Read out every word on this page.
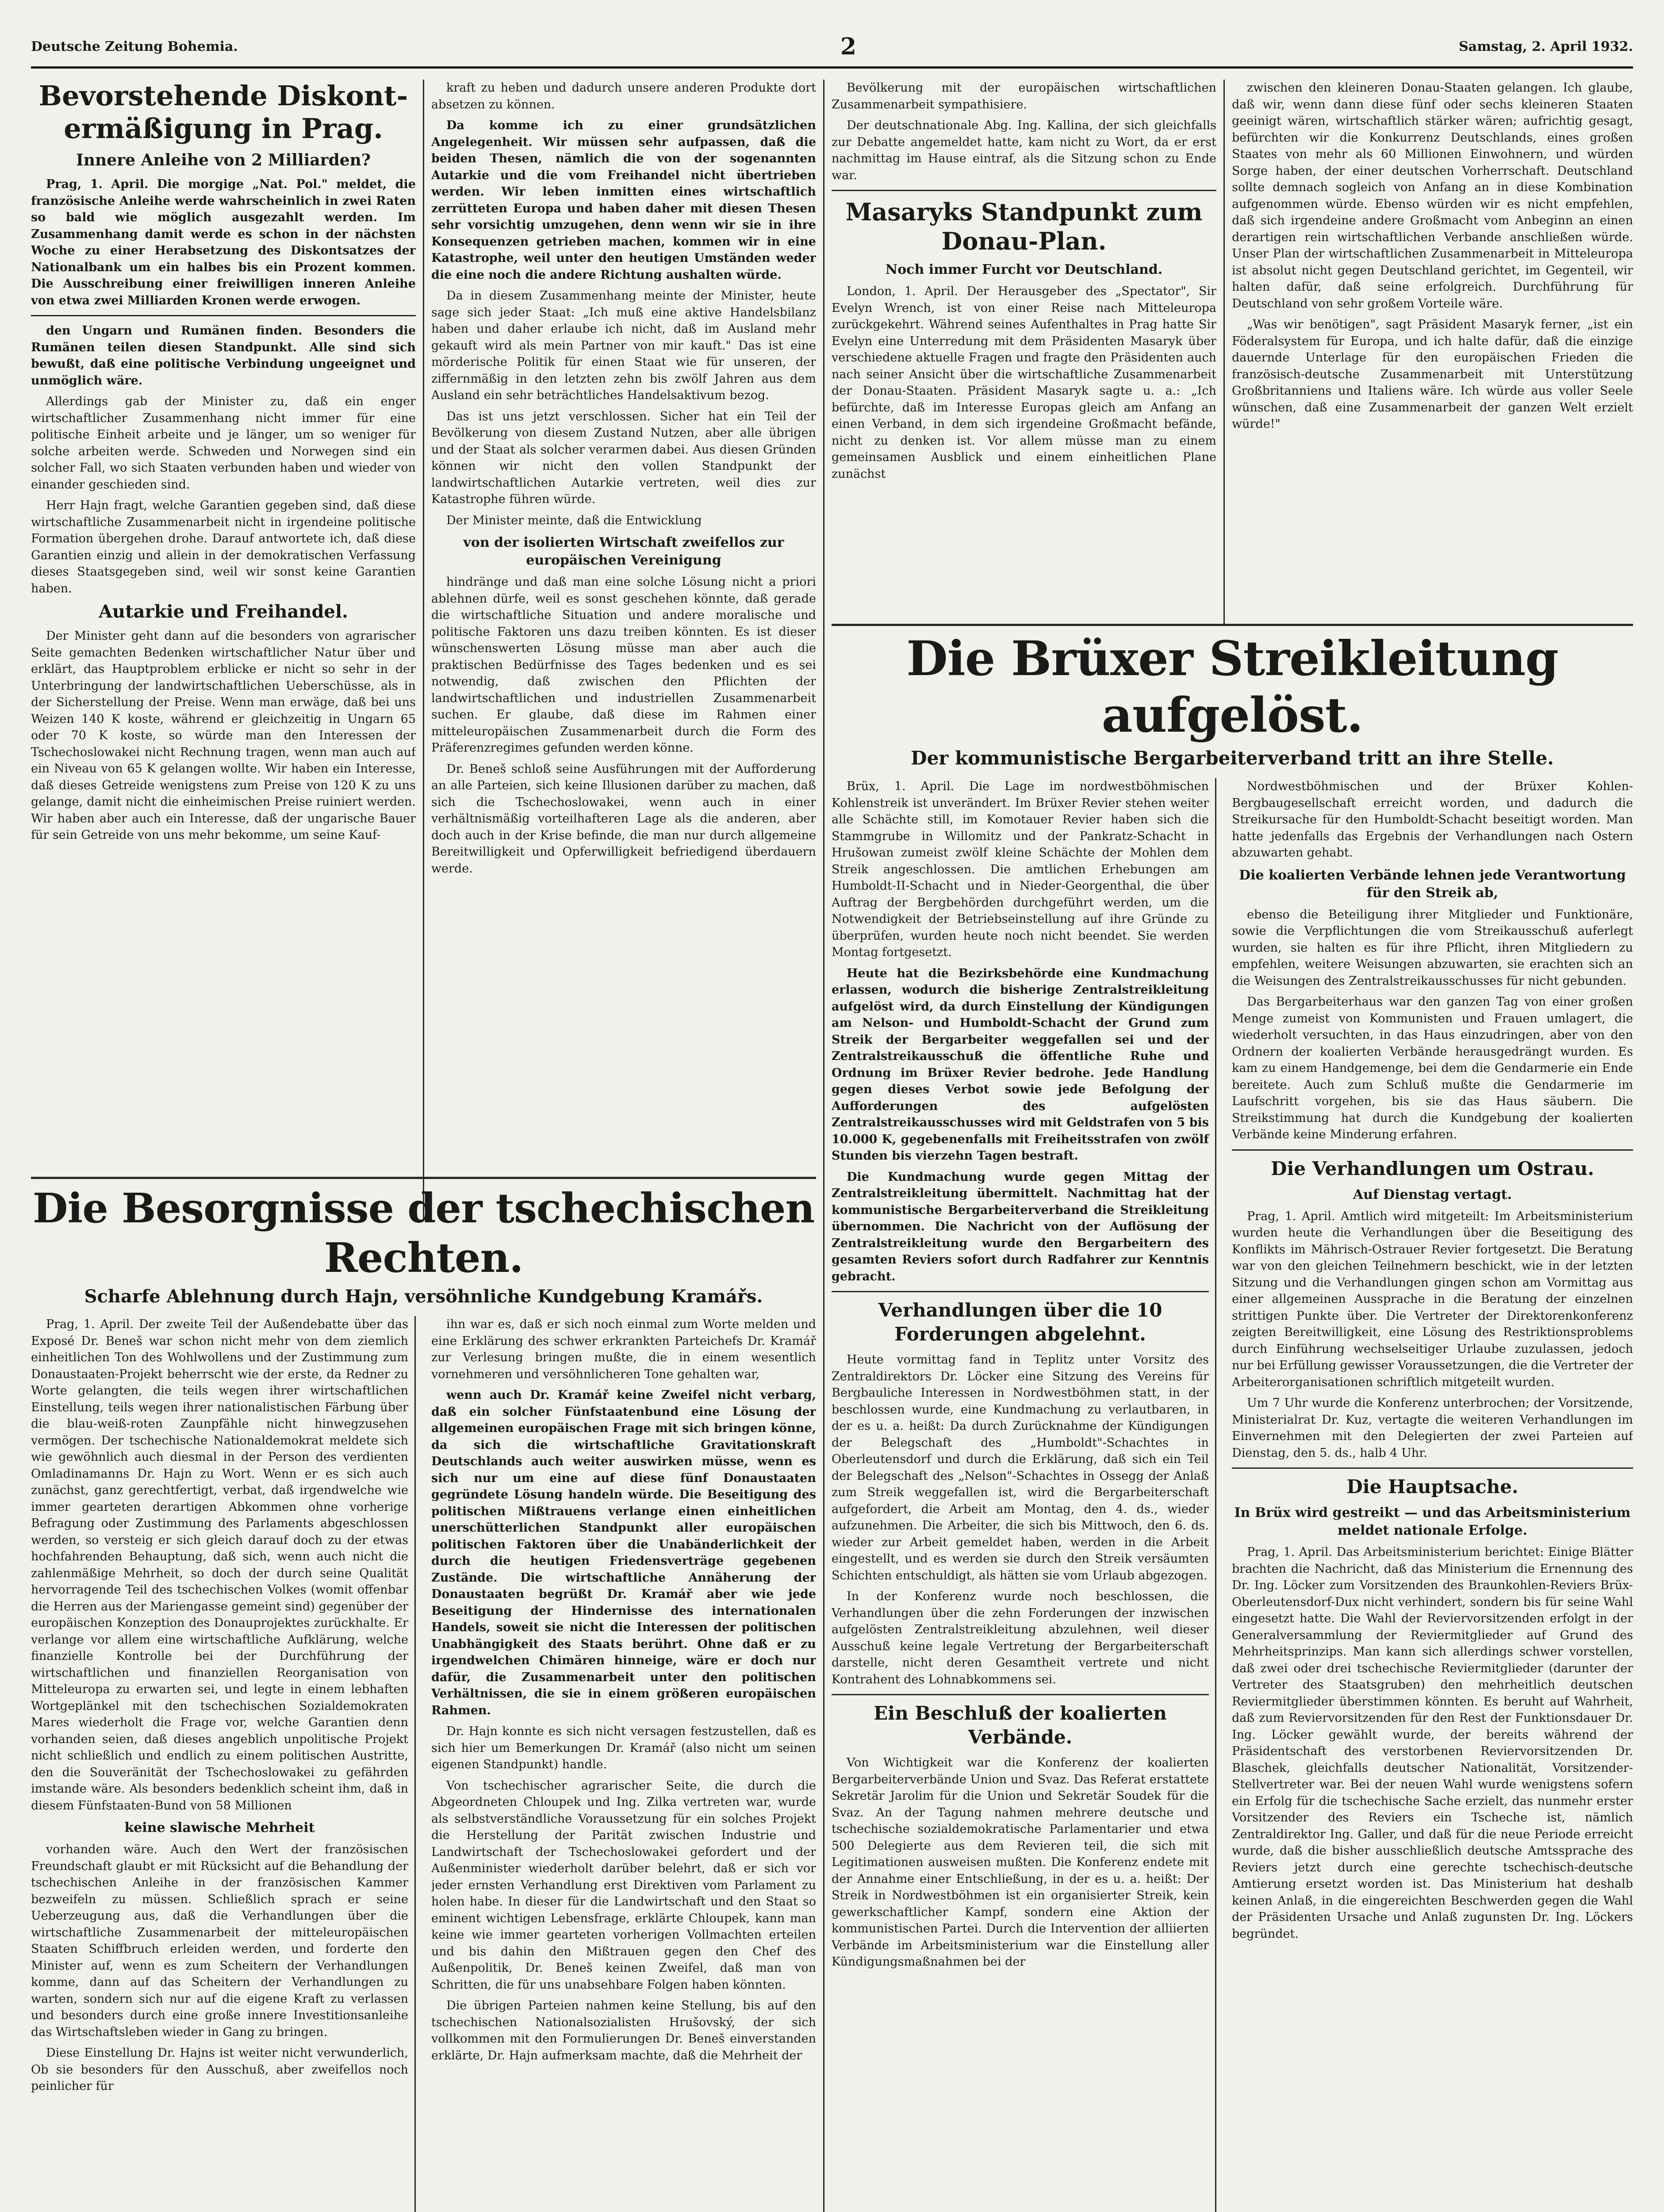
Deutsche Zeitung Bohemia.	2	Samstag, 2. April 1932.
Bevorstehende Diskont-ermäßigung in Prag.
Innere Anleihe von 2 Milliarden?

Prag, 1. April. Die morgige „Nat. Pol." meldet, die französische Anleihe werde wahrscheinlich in zwei Raten so bald wie möglich ausgezahlt werden. Im Zusammenhang damit werde es schon in der nächsten Woche zu einer Herabsetzung des Diskontsatzes der Nationalbank um ein halbes bis ein Prozent kommen. Die Ausschreibung einer freiwilligen inneren Anleihe von etwa zwei Milliarden Kronen werde erwogen.

den Ungarn und Rumänen finden. Besonders die Rumänen teilen diesen Standpunkt. Alle sind sich bewußt, daß eine politische Verbindung ungeeignet und unmöglich wäre.

Allerdings gab der Minister zu, daß ein enger wirtschaftlicher Zusammenhang nicht immer für eine politische Einheit arbeite und je länger, um so weniger für solche arbeiten werde. Schweden und Norwegen sind ein solcher Fall, wo sich Staaten verbunden haben und wieder von einander geschieden sind.

Herr Hajn fragt, welche Garantien gegeben sind, daß diese wirtschaftliche Zusammenarbeit nicht in irgendeine politische Formation übergehen drohe. Darauf antwortete ich, daß diese Garantien einzig und allein in der demokratischen Verfassung dieses Staatsgegeben sind, weil wir sonst keine Garantien haben.

Autarkie und Freihandel.

Der Minister geht dann auf die besonders von agrarischer Seite gemachten Bedenken wirtschaftlicher Natur über und erklärt, das Hauptproblem erblicke er nicht so sehr in der Unterbringung der landwirtschaftlichen Ueberschüsse, als in der Sicherstellung der Preise. Wenn man erwäge, daß bei uns Weizen 140 K koste, während er gleichzeitig in Ungarn 65 oder 70 K koste, so würde man den Interessen der Tschechoslowakei nicht Rechnung tragen, wenn man auch auf ein Niveau von 65 K gelangen wollte. Wir haben ein Interesse, daß dieses Getreide wenigstens zum Preise von 120 K zu uns gelange, damit nicht die einheimischen Preise ruiniert werden. Wir haben aber auch ein Interesse, daß der ungarische Bauer für sein Getreide von uns mehr bekomme, um seine Kauf-

kraft zu heben und dadurch unsere anderen Produkte dort absetzen zu können.

Da komme ich zu einer grundsätzlichen Angelegenheit. Wir müssen sehr aufpassen, daß die beiden Thesen, nämlich die von der sogenannten Autarkie und die vom Freihandel nicht übertrieben werden. Wir leben inmitten eines wirtschaftlich zerrütteten Europa und haben daher mit diesen Thesen sehr vorsichtig umzugehen, denn wenn wir sie in ihre Konsequenzen getrieben machen, kommen wir in eine Katastrophe, weil unter den heutigen Umständen weder die eine noch die andere Richtung aushalten würde.

Da in diesem Zusammenhang meinte der Minister, heute sage sich jeder Staat: „Ich muß eine aktive Handelsbilanz haben und daher erlaube ich nicht, daß im Ausland mehr gekauft wird als mein Partner von mir kauft." Das ist eine mörderische Politik für einen Staat wie für unseren, der ziffernmäßig in den letzten zehn bis zwölf Jahren aus dem Ausland ein sehr beträchtliches Handelsaktivum bezog.

Das ist uns jetzt verschlossen. Sicher hat ein Teil der Bevölkerung von diesem Zustand Nutzen, aber alle übrigen und der Staat als solcher verarmen dabei. Aus diesen Gründen können wir nicht den vollen Standpunkt der landwirtschaftlichen Autarkie vertreten, weil dies zur Katastrophe führen würde.

Der Minister meinte, daß die Entwicklung

von der isolierten Wirtschaft zweifellos zur europäischen Vereinigung

hindränge und daß man eine solche Lösung nicht a priori ablehnen dürfe, weil es sonst geschehen könnte, daß gerade die wirtschaftliche Situation und andere moralische und politische Faktoren uns dazu treiben könnten. Es ist dieser wünschenswerten Lösung müsse man aber auch die praktischen Bedürfnisse des Tages bedenken und es sei notwendig, daß zwischen den Pflichten der landwirtschaftlichen und industriellen Zusammenarbeit suchen. Er glaube, daß diese im Rahmen einer mitteleuropäischen Zusammenarbeit durch die Form des Präferenzregimes gefunden werden könne.

Dr. Beneš schloß seine Ausführungen mit der Aufforderung an alle Parteien, sich keine Illusionen darüber zu machen, daß sich die Tschechoslowakei, wenn auch in einer verhältnismäßig vorteilhafteren Lage als die anderen, aber doch auch in der Krise befinde, die man nur durch allgemeine Bereitwilligkeit und Opferwilligkeit befriedigend überdauern werde.

Bevölkerung mit der europäischen wirtschaftlichen Zusammenarbeit sympathisiere.

Der deutschnationale Abg. Ing. Kallina, der sich gleichfalls zur Debatte angemeldet hatte, kam nicht zu Wort, da er erst nachmittag im Hause eintraf, als die Sitzung schon zu Ende war.

Masaryks Standpunkt zum Donau-Plan.
Noch immer Furcht vor Deutschland.

London, 1. April. Der Herausgeber des „Spectator", Sir Evelyn Wrench, ist von einer Reise nach Mitteleuropa zurückgekehrt. Während seines Aufenthaltes in Prag hatte Sir Evelyn eine Unterredung mit dem Präsidenten Masaryk über verschiedene aktuelle Fragen und fragte den Präsidenten auch nach seiner Ansicht über die wirtschaftliche Zusammenarbeit der Donau-Staaten. Präsident Masaryk sagte u. a.: „Ich befürchte, daß im Interesse Europas gleich am Anfang an einen Verband, in dem sich irgendeine Großmacht befände, nicht zu denken ist. Vor allem müsse man zu einem gemeinsamen Ausblick und einem einheitlichen Plane zunächst

zwischen den kleineren Donau-Staaten gelangen. Ich glaube, daß wir, wenn dann diese fünf oder sechs kleineren Staaten geeinigt wären, wirtschaftlich stärker wären; aufrichtig gesagt, befürchten wir die Konkurrenz Deutschlands, eines großen Staates von mehr als 60 Millionen Einwohnern, und würden Sorge haben, der einer deutschen Vorherrschaft. Deutschland sollte demnach sogleich von Anfang an in diese Kombination aufgenommen würde. Ebenso würden wir es nicht empfehlen, daß sich irgendeine andere Großmacht vom Anbeginn an einen derartigen rein wirtschaftlichen Verbande anschließen würde. Unser Plan der wirtschaftlichen Zusammenarbeit in Mitteleuropa ist absolut nicht gegen Deutschland gerichtet, im Gegenteil, wir halten dafür, daß seine erfolgreich. Durchführung für Deutschland von sehr großem Vorteile wäre.

„Was wir benötigen", sagt Präsident Masaryk ferner, „ist ein Föderalsystem für Europa, und ich halte dafür, daß die einzige dauernde Unterlage für den europäischen Frieden die französisch-deutsche Zusammenarbeit mit Unterstützung Großbritanniens und Italiens wäre. Ich würde aus voller Seele wünschen, daß eine Zusammenarbeit der ganzen Welt erzielt würde!"

Die Brüxer Streikleitung aufgelöst.
Der kommunistische Bergarbeiterverband tritt an ihre Stelle.

Brüx, 1. April. Die Lage im nordwestböhmischen Kohlenstreik ist unverändert. Im Brüxer Revier stehen weiter alle Schächte still, im Komotauer Revier haben sich die Stammgrube in Willomitz und der Pankratz-Schacht in Hrušowan zumeist zwölf kleine Schächte der Mohlen dem Streik angeschlossen. Die amtlichen Erhebungen am Humboldt-II-Schacht und in Nieder-Georgenthal, die über Auftrag der Bergbehörden durchgeführt werden, um die Notwendigkeit der Betriebseinstellung auf ihre Gründe zu überprüfen, wurden heute noch nicht beendet. Sie werden Montag fortgesetzt.

Heute hat die Bezirksbehörde eine Kundmachung erlassen, wodurch die bisherige Zentralstreikleitung aufgelöst wird, da durch Einstellung der Kündigungen am Nelson- und Humboldt-Schacht der Grund zum Streik der Bergarbeiter weggefallen sei und der Zentralstreikausschuß die öffentliche Ruhe und Ordnung im Brüxer Revier bedrohe. Jede Handlung gegen dieses Verbot sowie jede Befolgung der Aufforderungen des aufgelösten Zentralstreikausschusses wird mit Geldstrafen von 5 bis 10.000 K, gegebenenfalls mit Freiheitsstrafen von zwölf Stunden bis vierzehn Tagen bestraft.

Die Kundmachung wurde gegen Mittag der Zentralstreikleitung übermittelt. Nachmittag hat der kommunistische Bergarbeiterverband die Streikleitung übernommen. Die Nachricht von der Auflösung der Zentralstreikleitung wurde den Bergarbeitern des gesamten Reviers sofort durch Radfahrer zur Kenntnis gebracht.

Verhandlungen über die 10 Forderungen abgelehnt.

Heute vormittag fand in Teplitz unter Vorsitz des Zentraldirektors Dr. Löcker eine Sitzung des Vereins für Bergbauliche Interessen in Nordwestböhmen statt, in der beschlossen wurde, eine Kundmachung zu verlautbaren, in der es u. a. heißt: Da durch Zurücknahme der Kündigungen der Belegschaft des „Humboldt"-Schachtes in Oberleutensdorf und durch die Erklärung, daß sich ein Teil der Belegschaft des „Nelson"-Schachtes in Ossegg der Anlaß zum Streik weggefallen ist, wird die Bergarbeiterschaft aufgefordert, die Arbeit am Montag, den 4. ds., wieder aufzunehmen. Die Arbeiter, die sich bis Mittwoch, den 6. ds. wieder zur Arbeit gemeldet haben, werden in die Arbeit eingestellt, und es werden sie durch den Streik versäumten Schichten entschuldigt, als hätten sie vom Urlaub abgezogen.

In der Konferenz wurde noch beschlossen, die Verhandlungen über die zehn Forderungen der inzwischen aufgelösten Zentralstreikleitung abzulehnen, weil dieser Ausschuß keine legale Vertretung der Bergarbeiterschaft darstelle, nicht deren Gesamtheit vertrete und nicht Kontrahent des Lohnabkommens sei.

Ein Beschluß der koalierten Verbände.

Von Wichtigkeit war die Konferenz der koalierten Bergarbeiterverbände Union und Svaz. Das Referat erstattete Sekretär Jarolim für die Union und Sekretär Soudek für die Svaz. An der Tagung nahmen mehrere deutsche und tschechische sozialdemokratische Parlamentarier und etwa 500 Delegierte aus dem Revieren teil, die sich mit Legitimationen ausweisen mußten. Die Konferenz endete mit der Annahme einer Entschließung, in der es u. a. heißt: Der Streik in Nordwestböhmen ist ein organisierter Streik, kein gewerkschaftlicher Kampf, sondern eine Aktion der kommunistischen Partei. Durch die Intervention der alliierten Verbände im Arbeitsministerium war die Einstellung aller Kündigungsmaßnahmen bei der

Nordwestböhmischen und der Brüxer Kohlen-Bergbaugesellschaft erreicht worden, und dadurch die Streikursache für den Humboldt-Schacht beseitigt worden. Man hatte jedenfalls das Ergebnis der Verhandlungen nach Ostern abzuwarten gehabt.

Die koalierten Verbände lehnen jede Verantwortung für den Streik ab,

ebenso die Beteiligung ihrer Mitglieder und Funktionäre, sowie die Verpflichtungen die vom Streikausschuß auferlegt wurden, sie halten es für ihre Pflicht, ihren Mitgliedern zu empfehlen, weitere Weisungen abzuwarten, sie erachten sich an die Weisungen des Zentralstreikausschusses für nicht gebunden.

Das Bergarbeiterhaus war den ganzen Tag von einer großen Menge zumeist von Kommunisten und Frauen umlagert, die wiederholt versuchten, in das Haus einzudringen, aber von den Ordnern der koalierten Verbände herausgedrängt wurden. Es kam zu einem Handgemenge, bei dem die Gendarmerie ein Ende bereitete. Auch zum Schluß mußte die Gendarmerie im Laufschritt vorgehen, bis sie das Haus säubern. Die Streikstimmung hat durch die Kundgebung der koalierten Verbände keine Minderung erfahren.

Die Verhandlungen um Ostrau.
Auf Dienstag vertagt.

Prag, 1. April. Amtlich wird mitgeteilt: Im Arbeitsministerium wurden heute die Verhandlungen über die Beseitigung des Konflikts im Mährisch-Ostrauer Revier fortgesetzt. Die Beratung war von den gleichen Teilnehmern beschickt, wie in der letzten Sitzung und die Verhandlungen gingen schon am Vormittag aus einer allgemeinen Aussprache in die Beratung der einzelnen strittigen Punkte über. Die Vertreter der Direktorenkonferenz zeigten Bereitwilligkeit, eine Lösung des Restriktionsproblems durch Einführung wechselseitiger Urlaube zuzulassen, jedoch nur bei Erfüllung gewisser Voraussetzungen, die die Vertreter der Arbeiterorganisationen schriftlich mitgeteilt wurden.

Um 7 Uhr wurde die Konferenz unterbrochen; der Vorsitzende, Ministerialrat Dr. Kuz, vertagte die weiteren Verhandlungen im Einvernehmen mit den Delegierten der zwei Parteien auf Dienstag, den 5. ds., halb 4 Uhr.

Die Hauptsache.
In Brüx wird gestreikt — und das Arbeitsministerium meldet nationale Erfolge.

Prag, 1. April. Das Arbeitsministerium berichtet: Einige Blätter brachten die Nachricht, daß das Ministerium die Ernennung des Dr. Ing. Löcker zum Vorsitzenden des Braunkohlen-Reviers Brüx-Oberleutensdorf-Dux nicht verhindert, sondern bis für seine Wahl eingesetzt hatte. Die Wahl der Reviervorsitzenden erfolgt in der Generalversammlung der Reviermitglieder auf Grund des Mehrheitsprinzips. Man kann sich allerdings schwer vorstellen, daß zwei oder drei tschechische Reviermitglieder (darunter der Vertreter des Staatsgruben) den mehrheitlich deutschen Reviermitglieder überstimmen könnten. Es beruht auf Wahrheit, daß zum Reviervorsitzenden für den Rest der Funktionsdauer Dr. Ing. Löcker gewählt wurde, der bereits während der Präsidentschaft des verstorbenen Reviervorsitzenden Dr. Blaschek, gleichfalls deutscher Nationalität, Vorsitzender-Stellvertreter war. Bei der neuen Wahl wurde wenigstens sofern ein Erfolg für die tschechische Sache erzielt, das nunmehr erster Vorsitzender des Reviers ein Tscheche ist, nämlich Zentraldirektor Ing. Galler, und daß für die neue Periode erreicht wurde, daß die bisher ausschließlich deutsche Amtssprache des Reviers jetzt durch eine gerechte tschechisch-deutsche Amtierung ersetzt worden ist. Das Ministerium hat deshalb keinen Anlaß, in die eingereichten Beschwerden gegen die Wahl der Präsidenten Ursache und Anlaß zugunsten Dr. Ing. Löckers begründet.

Die Besorgnisse der tschechischen Rechten.
Scharfe Ablehnung durch Hajn, versöhnliche Kundgebung Kramářs.

Prag, 1. April. Der zweite Teil der Außendebatte über das Exposé Dr. Beneš war schon nicht mehr von dem ziemlich einheitlichen Ton des Wohlwollens und der Zustimmung zum Donaustaaten-Projekt beherrscht wie der erste, da Redner zu Worte gelangten, die teils wegen ihrer wirtschaftlichen Einstellung, teils wegen ihrer nationalistischen Färbung über die blau-weiß-roten Zaunpfähle nicht hinwegzusehen vermögen. Der tschechische Nationaldemokrat meldete sich wie gewöhnlich auch diesmal in der Person des verdienten Omladinamanns Dr. Hajn zu Wort. Wenn er es sich auch zunächst, ganz gerechtfertigt, verbat, daß irgendwelche wie immer gearteten derartigen Abkommen ohne vorherige Befragung oder Zustimmung des Parlaments abgeschlossen werden, so versteig er sich gleich darauf doch zu der etwas hochfahrenden Behauptung, daß sich, wenn auch nicht die zahlenmäßige Mehrheit, so doch der durch seine Qualität hervorragende Teil des tschechischen Volkes (womit offenbar die Herren aus der Mariengasse gemeint sind) gegenüber der europäischen Konzeption des Donauprojektes zurückhalte. Er verlange vor allem eine wirtschaftliche Aufklärung, welche finanzielle Kontrolle bei der Durchführung der wirtschaftlichen und finanziellen Reorganisation von Mitteleuropa zu erwarten sei, und legte in einem lebhaften Wortgeplänkel mit den tschechischen Sozialdemokraten Mares wiederholt die Frage vor, welche Garantien denn vorhanden seien, daß dieses angeblich unpolitische Projekt nicht schließlich und endlich zu einem politischen Austritte, den die Souveränität der Tschechoslowakei zu gefährden imstande wäre. Als besonders bedenklich scheint ihm, daß in diesem Fünfstaaten-Bund von 58 Millionen

keine slawische Mehrheit

vorhanden wäre. Auch den Wert der französischen Freundschaft glaubt er mit Rücksicht auf die Behandlung der tschechischen Anleihe in der französischen Kammer bezweifeln zu müssen. Schließlich sprach er seine Ueberzeugung aus, daß die Verhandlungen über die wirtschaftliche Zusammenarbeit der mitteleuropäischen Staaten Schiffbruch erleiden werden, und forderte den Minister auf, wenn es zum Scheitern der Verhandlungen komme, dann auf das Scheitern der Verhandlungen zu warten, sondern sich nur auf die eigene Kraft zu verlassen und besonders durch eine große innere Investitionsanleihe das Wirtschaftsleben wieder in Gang zu bringen.

Diese Einstellung Dr. Hajns ist weiter nicht verwunderlich, Ob sie besonders für den Ausschuß, aber zweifellos noch peinlicher für

ihn war es, daß er sich noch einmal zum Worte melden und eine Erklärung des schwer erkrankten Parteichefs Dr. Kramář zur Verlesung bringen mußte, die in einem wesentlich vornehmeren und versöhnlicheren Tone gehalten war,

wenn auch Dr. Kramář keine Zweifel nicht verbarg, daß ein solcher Fünfstaatenbund eine Lösung der allgemeinen europäischen Frage mit sich bringen könne, da sich die wirtschaftliche Gravitationskraft Deutschlands auch weiter auswirken müsse, wenn es sich nur um eine auf diese fünf Donaustaaten gegründete Lösung handeln würde. Die Beseitigung des politischen Mißtrauens verlange einen einheitlichen unerschütterlichen Standpunkt aller europäischen politischen Faktoren über die Unabänderlichkeit der durch die heutigen Friedensverträge gegebenen Zustände. Die wirtschaftliche Annäherung der Donaustaaten begrüßt Dr. Kramář aber wie jede Beseitigung der Hindernisse des internationalen Handels, soweit sie nicht die Interessen der politischen Unabhängigkeit des Staats berührt. Ohne daß er zu irgendwelchen Chimären hinneige, wäre er doch nur dafür, die Zusammenarbeit unter den politischen Verhältnissen, die sie in einem größeren europäischen Rahmen.

Dr. Hajn konnte es sich nicht versagen festzustellen, daß es sich hier um Bemerkungen Dr. Kramář (also nicht um seinen eigenen Standpunkt) handle.

Von tschechischer agrarischer Seite, die durch die Abgeordneten Chloupek und Ing. Zilka vertreten war, wurde als selbstverständliche Voraussetzung für ein solches Projekt die Herstellung der Parität zwischen Industrie und Landwirtschaft der Tschechoslowakei gefordert und der Außenminister wiederholt darüber belehrt, daß er sich vor jeder ernsten Verhandlung erst Direktiven vom Parlament zu holen habe. In dieser für die Landwirtschaft und den Staat so eminent wichtigen Lebensfrage, erklärte Chloupek, kann man keine wie immer gearteten vorherigen Vollmachten erteilen und bis dahin den Mißtrauen gegen den Chef des Außenpolitik, Dr. Beneš keinen Zweifel, daß man von Schritten, die für uns unabsehbare Folgen haben könnten.

Die übrigen Parteien nahmen keine Stellung, bis auf den tschechischen Nationalsozialisten Hrušovský, der sich vollkommen mit den Formulierungen Dr. Beneš einverstanden erklärte, Dr. Hajn aufmerksam machte, daß die Mehrheit der
